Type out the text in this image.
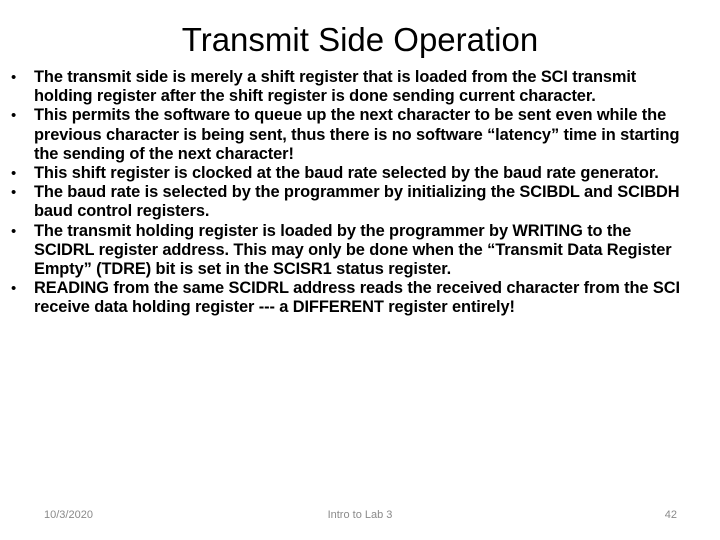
Transmit Side Operation
• The transmit side is merely a shift register that is loaded from the SCI transmit holding register after the shift register is done sending current character.
• This permits the software to queue up the next character to be sent even while the previous character is being sent, thus there is no software “latency” time in starting the sending of the next character!
• This shift register is clocked at the baud rate selected by the baud rate generator.
• The baud rate is selected by the programmer by initializing the SCIBDL and SCIBDH baud control registers.
• The transmit holding register is loaded by the programmer by WRITING to the SCIDRL register address. This may only be done when the “Transmit Data Register Empty” (TDRE) bit is set in the SCISR1 status register.
• READING from the same SCIDRL address reads the received character from the SCI receive data holding register --- a DIFFERENT register entirely!
10/3/2020	Intro to Lab 3	42
